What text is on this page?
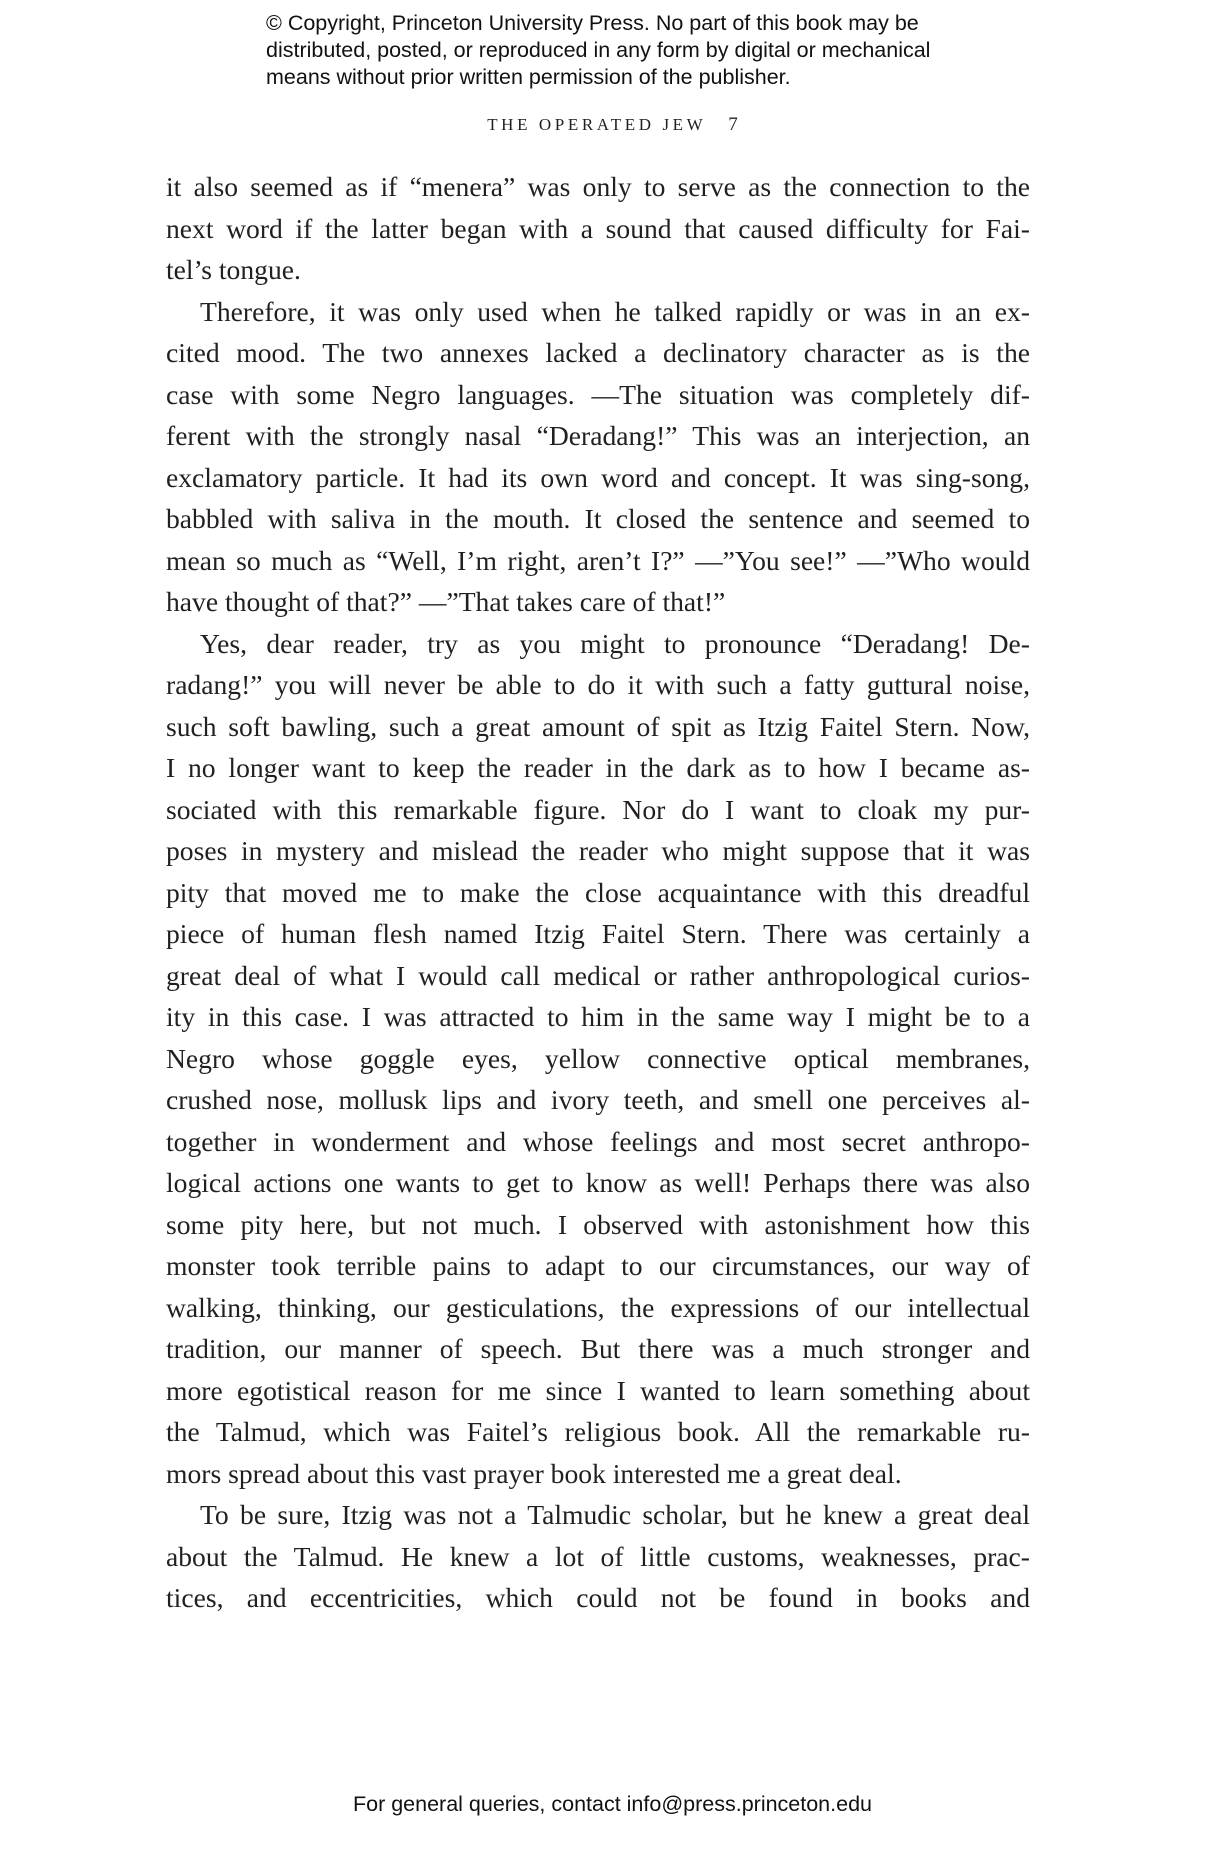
© Copyright, Princeton University Press. No part of this book may be
distributed, posted, or reproduced in any form by digital or mechanical
means without prior written permission of the publisher.
THE OPERATED JEW 7
it also seemed as if “menera” was only to serve as the connection to the
next word if the latter began with a sound that caused difficulty for Fai-
tel’s tongue.
Therefore, it was only used when he talked rapidly or was in an ex-
cited mood. The two annexes lacked a declinatory character as is the
case with some Negro languages. —The situation was completely dif-
ferent with the strongly nasal “Deradang!” This was an interjection, an
exclamatory particle. It had its own word and concept. It was sing-song,
babbled with saliva in the mouth. It closed the sentence and seemed to
mean so much as “Well, I’m right, aren’t I?” —”You see!” —”Who would
have thought of that?” —”That takes care of that!”
Yes, dear reader, try as you might to pronounce “Deradang! De-
radang!” you will never be able to do it with such a fatty guttural noise,
such soft bawling, such a great amount of spit as Itzig Faitel Stern. Now,
I no longer want to keep the reader in the dark as to how I became as-
sociated with this remarkable figure. Nor do I want to cloak my pur-
poses in mystery and mislead the reader who might suppose that it was
pity that moved me to make the close acquaintance with this dreadful
piece of human flesh named Itzig Faitel Stern. There was certainly a
great deal of what I would call medical or rather anthropological curios-
ity in this case. I was attracted to him in the same way I might be to a
Negro whose goggle eyes, yellow connective optical membranes,
crushed nose, mollusk lips and ivory teeth, and smell one perceives al-
together in wonderment and whose feelings and most secret anthropo-
logical actions one wants to get to know as well! Perhaps there was also
some pity here, but not much. I observed with astonishment how this
monster took terrible pains to adapt to our circumstances, our way of
walking, thinking, our gesticulations, the expressions of our intellectual
tradition, our manner of speech. But there was a much stronger and
more egotistical reason for me since I wanted to learn something about
the Talmud, which was Faitel’s religious book. All the remarkable ru-
mors spread about this vast prayer book interested me a great deal.
To be sure, Itzig was not a Talmudic scholar, but he knew a great deal
about the Talmud. He knew a lot of little customs, weaknesses, prac-
tices, and eccentricities, which could not be found in books and
For general queries, contact info@press.princeton.edu
